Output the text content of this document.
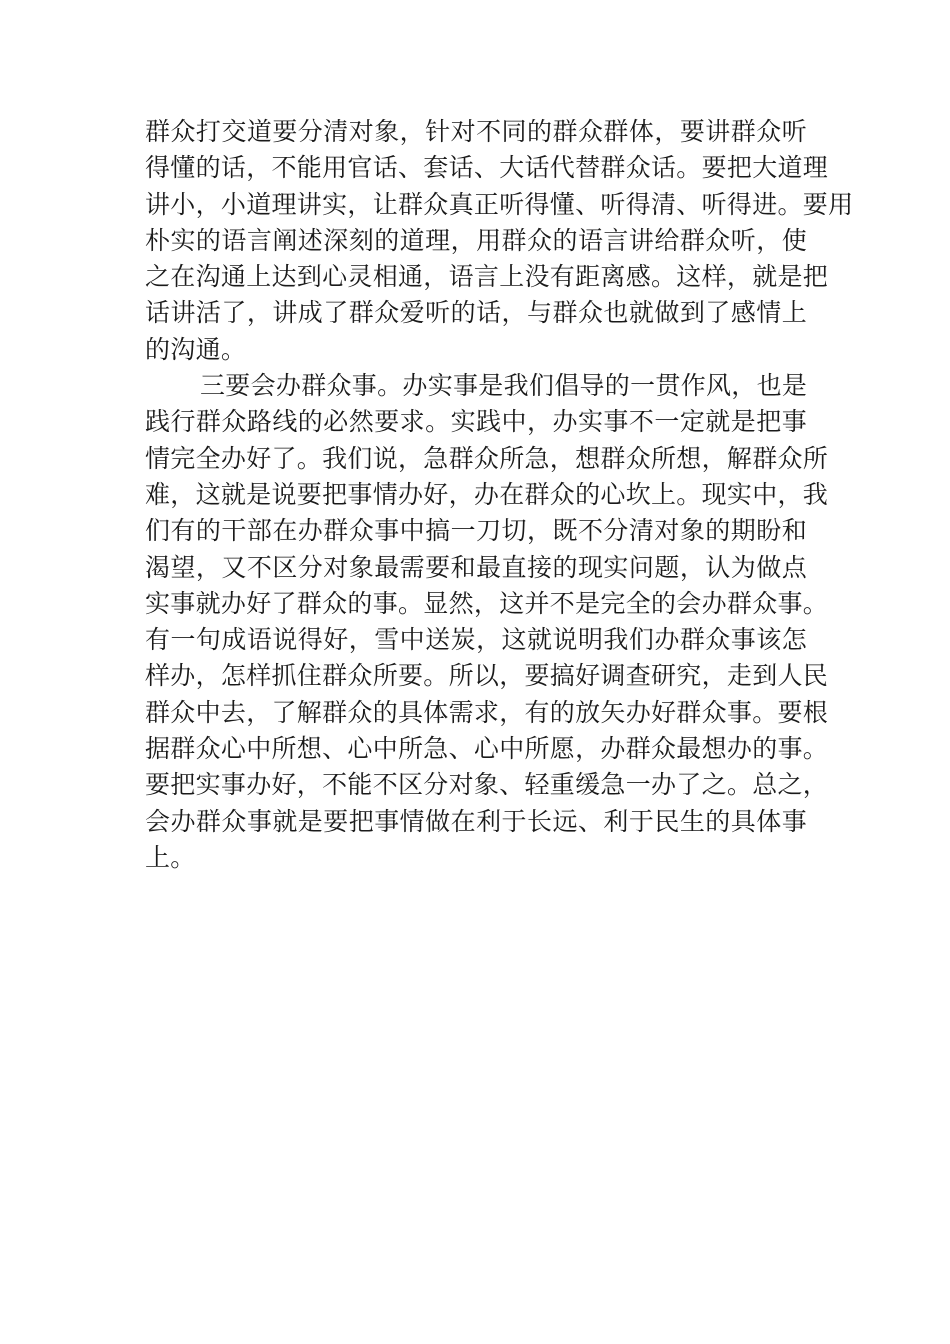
群众打交道要分清对象，针对不同的群众群体，要讲群众听
得懂的话，不能用官话、套话、大话代替群众话。要把大道理
讲小，小道理讲实，让群众真正听得懂、听得清、听得进。要用
朴实的语言阐述深刻的道理，用群众的语言讲给群众听，使
之在沟通上达到心灵相通，语言上没有距离感。这样，就是把
话讲活了，讲成了群众爱听的话，与群众也就做到了感情上
的沟通。
三要会办群众事。办实事是我们倡导的一贯作风，也是
践行群众路线的必然要求。实践中，办实事不一定就是把事
情完全办好了。我们说，急群众所急，想群众所想，解群众所
难，这就是说要把事情办好，办在群众的心坎上。现实中，我
们有的干部在办群众事中搞一刀切，既不分清对象的期盼和
渴望，又不区分对象最需要和最直接的现实问题，认为做点
实事就办好了群众的事。显然，这并不是完全的会办群众事。
有一句成语说得好，雪中送炭，这就说明我们办群众事该怎
样办，怎样抓住群众所要。所以，要搞好调查研究，走到人民
群众中去，了解群众的具体需求，有的放矢办好群众事。要根
据群众心中所想、心中所急、心中所愿，办群众最想办的事。
要把实事办好，不能不区分对象、轻重缓急一办了之。总之，
会办群众事就是要把事情做在利于长远、利于民生的具体事
上。
